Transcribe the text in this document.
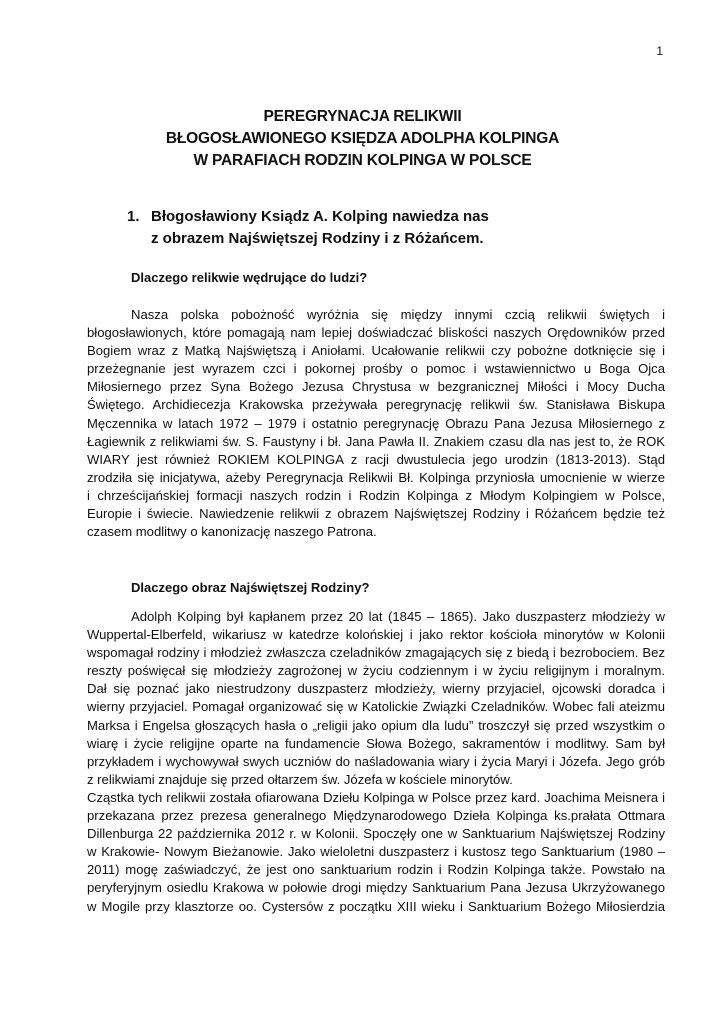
1
PEREGRYNACJA RELIKWII
BŁOGOSŁAWIONEGO KSIĘDZA ADOLPHA KOLPINGA
W PARAFIACH RODZIN KOLPINGA W POLSCE
1. Błogosławiony Ksiądz A. Kolping nawiedza nas
z obrazem Najświętszej Rodziny i z Różańcem.
Dlaczego relikwie wędrujące do ludzi?
Nasza polska pobożność wyróżnia się między innymi czcią relikwii świętych i
błogosławionych, które pomagają nam lepiej doświadczać bliskości naszych Orędowników przed
Bogiem wraz z Matką Najświętszą i Aniołami. Ucałowanie relikwii czy pobożne dotknięcie się i
przeżegnanie jest wyrazem czci i pokornej prośby o pomoc i wstawiennictwo u Boga Ojca
Miłosiernego przez Syna Bożego Jezusa Chrystusa w bezgranicznej Miłości i Mocy Ducha
Świętego. Archidiecezja Krakowska przeżywała peregrynację relikwii św. Stanisława Biskupa
Męczennika w latach 1972 – 1979 i ostatnio peregrynację Obrazu Pana Jezusa Miłosiernego z
Łagiewnik z relikwiami św. S. Faustyny i bł. Jana Pawła II. Znakiem czasu dla nas jest to, że ROK
WIARY jest również ROKIEM KOLPINGA z racji dwustulecia jego urodzin (1813-2013). Stąd
zrodziła się inicjatywa, ażeby Peregrynacja Relikwii Bł. Kolpinga przyniosła umocnienie w wierze
i chrześcijańskiej formacji naszych rodzin i Rodzin Kolpinga z Młodym Kolpingiem w Polsce,
Europie i świecie. Nawiedzenie relikwii z obrazem Najświętszej Rodziny i Różańcem będzie też
czasem modlitwy o kanonizację naszego Patrona.
Dlaczego obraz Najświętszej Rodziny?
Adolph Kolping był kapłanem przez 20 lat (1845 – 1865). Jako duszpasterz młodzieży w
Wuppertal-Elberfeld, wikariusz w katedrze kolońskiej i jako rektor kościoła minorytów w Kolonii
wspomagał rodziny i młodzież zwłaszcza czeladników zmagających się z biedą i bezrobociem. Bez
reszty poświęcał się młodzieży zagrożonej w życiu codziennym i w życiu religijnym i moralnym.
Dał się poznać jako niestrudzony duszpasterz młodzieży, wierny przyjaciel, ojcowski doradca i
wierny przyjaciel. Pomagał organizować się w Katolickie Związki Czeladników. Wobec fali ateizmu
Marksa i Engelsa głoszących hasła o „religii jako opium dla ludu” troszczył się przed wszystkim o
wiarę i życie religijne oparte na fundamencie Słowa Bożego, sakramentów i modlitwy. Sam był
przykładem i wychowywał swych uczniów do naśladowania wiary i życia Maryi i Józefa. Jego grób
z relikwiami znajduje się przed ołtarzem św. Józefa w kościele minorytów.
Cząstka tych relikwii została ofiarowana Dziełu Kolpinga w Polsce przez kard. Joachima Meisnera i
przekazana przez prezesa generalnego Międzynarodowego Dzieła Kolpinga ks.prałata Ottmara
Dillenburga 22 października 2012 r. w Kolonii. Spoczęły one w Sanktuarium Najświętszej Rodziny
w Krakowie- Nowym Bieżanowie. Jako wieloletni duszpasterz i kustosz tego Sanktuarium (1980 –
2011) mogę zaświadczyć, że jest ono sanktuarium rodzin i Rodzin Kolpinga także. Powstało na
peryferyjnym osiedlu Krakowa w połowie drogi między Sanktuarium Pana Jezusa Ukrzyżowanego
w Mogile przy klasztorze oo. Cystersów z początku XIII wieku i Sanktuarium Bożego Miłosierdzia
